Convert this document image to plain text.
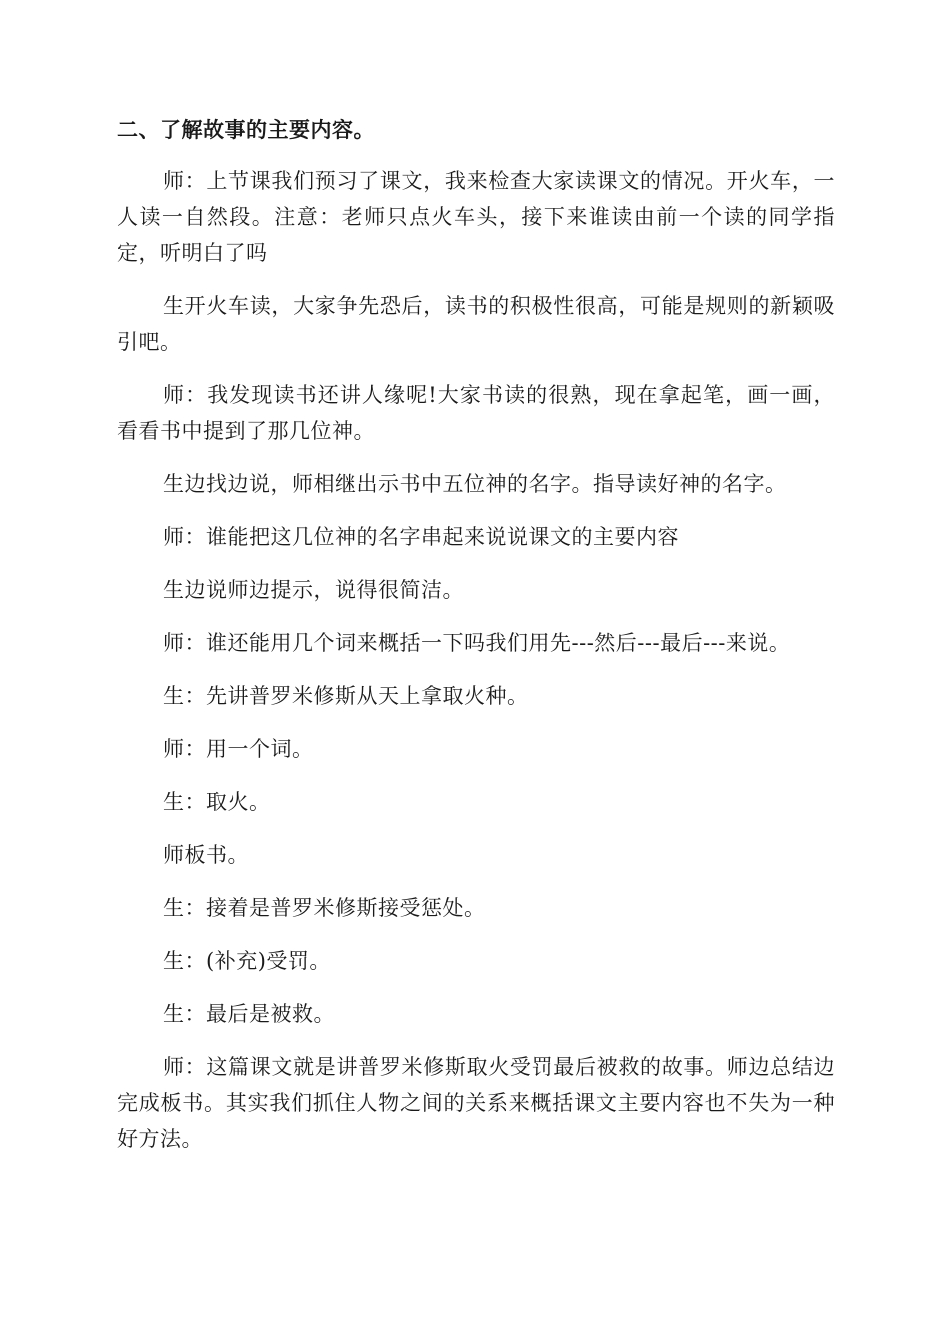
二、了解故事的主要内容。

师：上节课我们预习了课文，我来检查大家读课文的情况。开火车，一人读一自然段。注意：老师只点火车头，接下来谁读由前一个读的同学指定，听明白了吗

生开火车读，大家争先恐后，读书的积极性很高，可能是规则的新颖吸引吧。

师：我发现读书还讲人缘呢!大家书读的很熟，现在拿起笔，画一画，看看书中提到了那几位神。

生边找边说，师相继出示书中五位神的名字。指导读好神的名字。

师：谁能把这几位神的名字串起来说说课文的主要内容

生边说师边提示，说得很简洁。

师：谁还能用几个词来概括一下吗我们用先---然后---最后---来说。

生：先讲普罗米修斯从天上拿取火种。

师：用一个词。

生：取火。

师板书。

生：接着是普罗米修斯接受惩处。

生：(补充)受罚。

生：最后是被救。

师：这篇课文就是讲普罗米修斯取火受罚最后被救的故事。师边总结边完成板书。其实我们抓住人物之间的关系来概括课文主要内容也不失为一种好方法。
